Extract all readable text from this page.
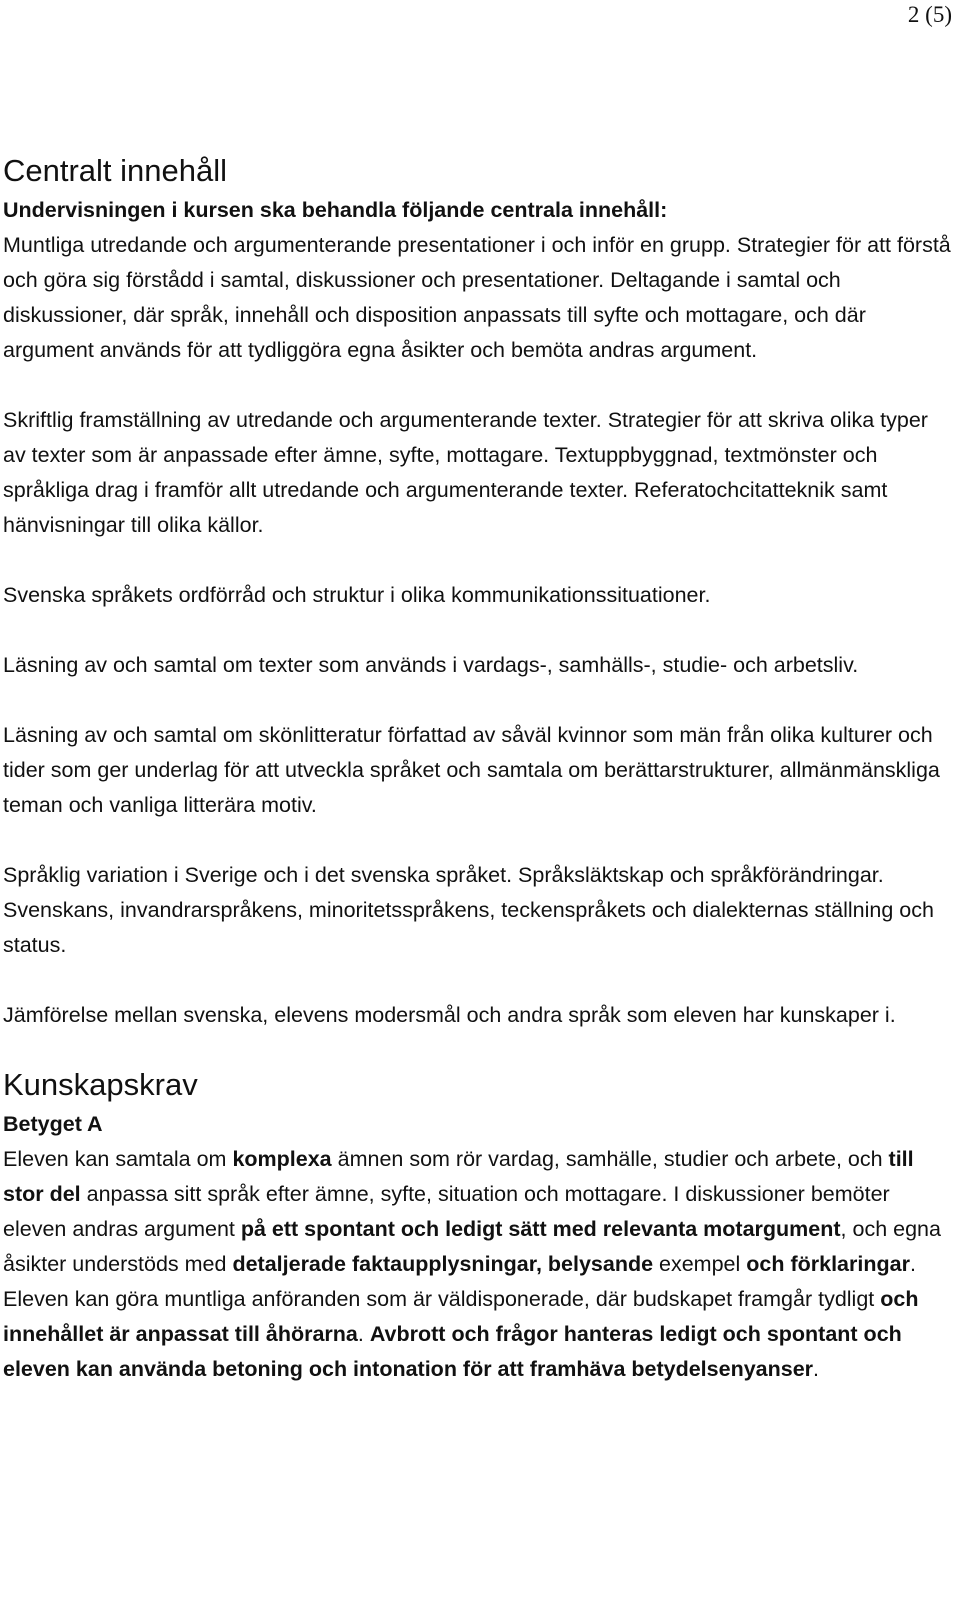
2 (5)
Centralt innehåll

Undervisningen i kursen ska behandla följande centrala innehåll:

Muntliga utredande och argumenterande presentationer i och inför en grupp. Strategier för att förstå och göra sig förstådd i samtal, diskussioner och presentationer. Deltagande i samtal och diskussioner, där språk, innehåll och disposition anpassats till syfte och mottagare, och där argument används för att tydliggöra egna åsikter och bemöta andras argument.

Skriftlig framställning av utredande och argumenterande texter. Strategier för att skriva olika typer av texter som är anpassade efter ämne, syfte, mottagare. Textuppbyggnad, textmönster och språkliga drag i framför allt utredande och argumenterande texter. Referatochcitatteknik samt hänvisningar till olika källor.

Svenska språkets ordförråd och struktur i olika kommunikationssituationer.

Läsning av och samtal om texter som används i vardags-, samhälls-, studie- och arbetsliv.

Läsning av och samtal om skönlitteratur författad av såväl kvinnor som män från olika kulturer och tider som ger underlag för att utveckla språket och samtala om berättarstrukturer, allmänmänskliga teman och vanliga litterära motiv.

Språklig variation i Sverige och i det svenska språket. Språksläktskap och språkförändringar. Svenskans, invandrarspråkens, minoritetsspråkens, teckenspråkets och dialekternas ställning och status.

Jämförelse mellan svenska, elevens modersmål och andra språk som eleven har kunskaper i.

Kunskapskrav

Betyget A

Eleven kan samtala om komplexa ämnen som rör vardag, samhälle, studier och arbete, och till stor del anpassa sitt språk efter ämne, syfte, situation och mottagare. I diskussioner bemöter eleven andras argument på ett spontant och ledigt sätt med relevanta motargument, och egna åsikter understöds med detaljerade faktaupplysningar, belysande exempel och förklaringar. Eleven kan göra muntliga anföranden som är väldisponerade, där budskapet framgår tydligt och innehållet är anpassat till åhörarna. Avbrott och frågor hanteras ledigt och spontant och eleven kan använda betoning och intonation för att framhäva betydelsenyanser.
